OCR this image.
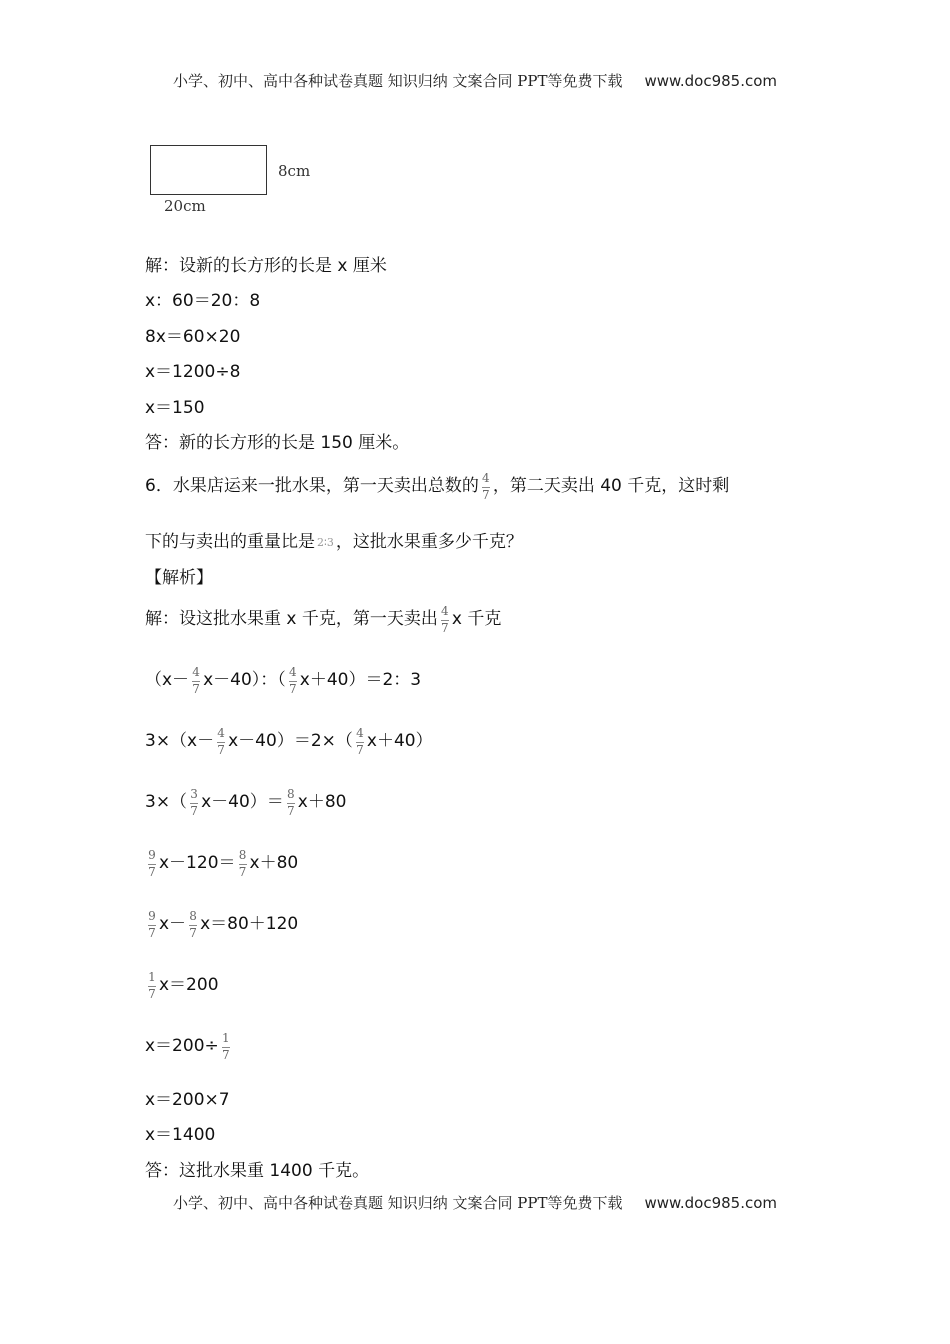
小学、初中、高中各种试卷真题 知识归纳 文案合同 PPT等免费下载 www.doc985.com
8cm
20cm
解：设新的长方形的长是 x 厘米
x：60＝20：8
8x＝60×20
x＝1200÷8
x＝150
答：新的长方形的长是 150 厘米。
6．水果店运来一批水果，第一天卖出总数的 $\frac{4}{7}$ ，第二天卖出 40 千克，这时剩
下的与卖出的重量比是 2∶3 ，这批水果重多少千克？
【解析】
解：设这批水果重 x 千克，第一天卖出 $\frac{4}{7}$ x 千克
$(x- \frac{4}{7} x-40)$：（ $\frac{4}{7} x+40)=2$：3
$3\times(x- \frac{4}{7} x-40)=2\times( \frac{4}{7} x+40)$
$3\times( \frac{3}{7} x-40)= \frac{8}{7} x+80$
$\frac{9}{7} x-120= \frac{8}{7} x+80$
$\frac{9}{7} x- \frac{8}{7} x=80+120$
$\frac{1}{7} x=200$
$x=200\div \frac{1}{7}$
x＝200×7
x＝1400
答：这批水果重 1400 千克。
小学、初中、高中各种试卷真题 知识归纳 文案合同 PPT等免费下载 www.doc985.com
